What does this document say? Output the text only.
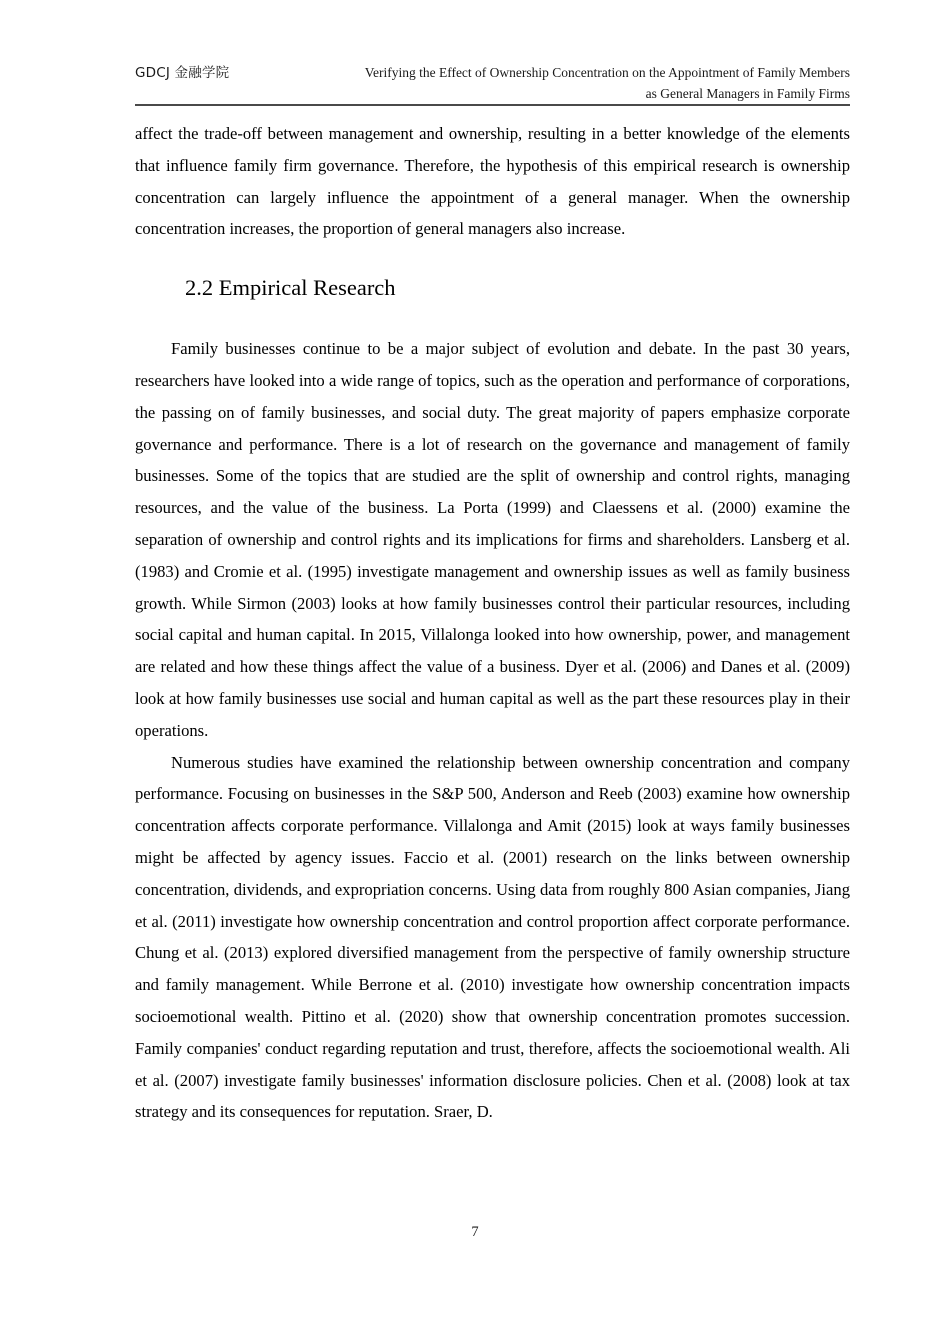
GDCJ 金融学院	Verifying the Effect of Ownership Concentration on the Appointment of Family Members
as General Managers in Family Firms

affect the trade-off between management and ownership, resulting in a better knowledge of the elements that influence family firm governance. Therefore, the hypothesis of this empirical research is ownership concentration can largely influence the appointment of a general manager. When the ownership concentration increases, the proportion of general managers also increase.

2.2 Empirical Research

Family businesses continue to be a major subject of evolution and debate. In the past 30 years, researchers have looked into a wide range of topics, such as the operation and performance of corporations, the passing on of family businesses, and social duty. The great majority of papers emphasize corporate governance and performance. There is a lot of research on the governance and management of family businesses. Some of the topics that are studied are the split of ownership and control rights, managing resources, and the value of the business. La Porta (1999) and Claessens et al. (2000) examine the separation of ownership and control rights and its implications for firms and shareholders. Lansberg et al. (1983) and Cromie et al. (1995) investigate management and ownership issues as well as family business growth. While Sirmon (2003) looks at how family businesses control their particular resources, including social capital and human capital. In 2015, Villalonga looked into how ownership, power, and management are related and how these things affect the value of a business. Dyer et al. (2006) and Danes et al. (2009) look at how family businesses use social and human capital as well as the part these resources play in their operations.

Numerous studies have examined the relationship between ownership concentration and company performance. Focusing on businesses in the S&P 500, Anderson and Reeb (2003) examine how ownership concentration affects corporate performance. Villalonga and Amit (2015) look at ways family businesses might be affected by agency issues. Faccio et al. (2001) research on the links between ownership concentration, dividends, and expropriation concerns. Using data from roughly 800 Asian companies, Jiang et al. (2011) investigate how ownership concentration and control proportion affect corporate performance. Chung et al. (2013) explored diversified management from the perspective of family ownership structure and family management. While Berrone et al. (2010) investigate how ownership concentration impacts socioemotional wealth. Pittino et al. (2020) show that ownership concentration promotes succession. Family companies' conduct regarding reputation and trust, therefore, affects the socioemotional wealth. Ali et al. (2007) investigate family businesses' information disclosure policies. Chen et al. (2008) look at tax strategy and its consequences for reputation. Sraer, D.

7
